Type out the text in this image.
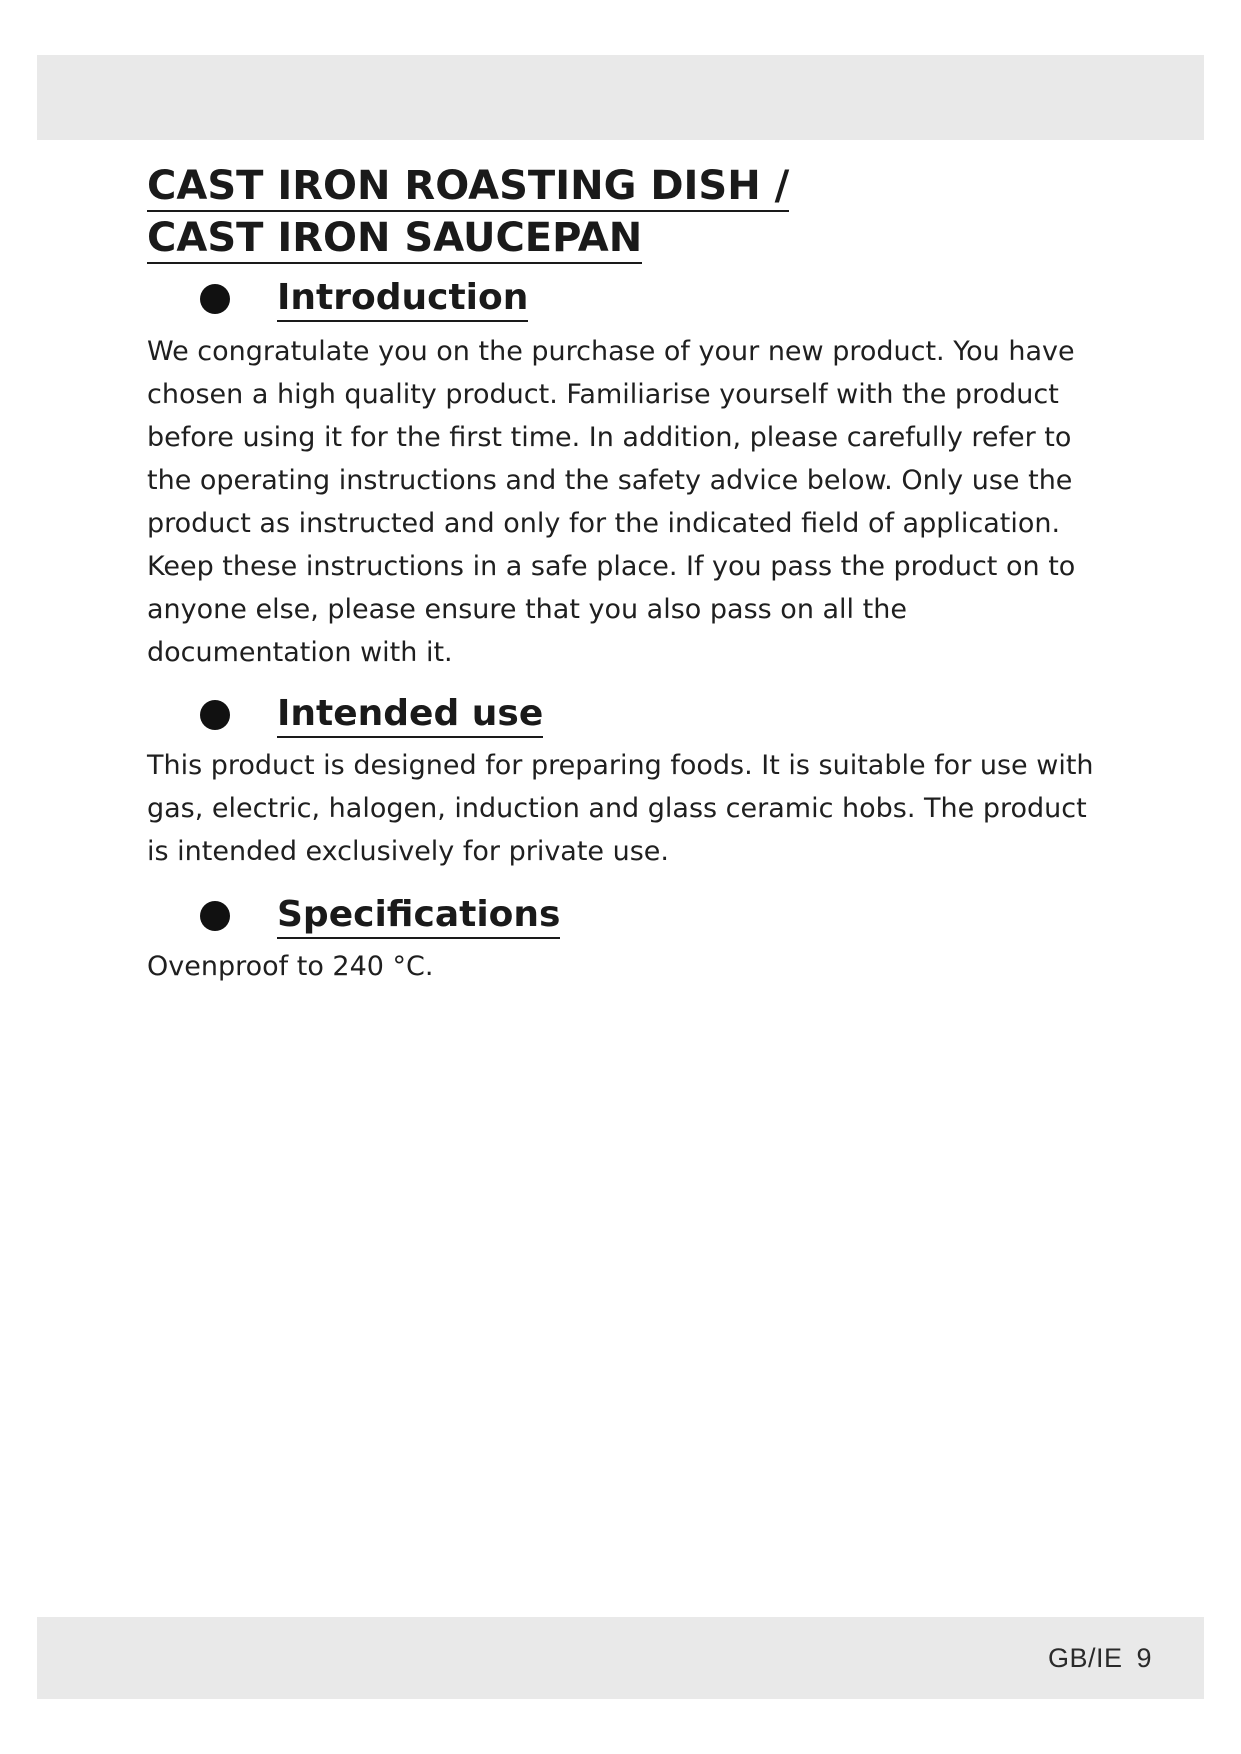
CAST IRON ROASTING DISH /
CAST IRON SAUCEPAN
Introduction

We congratulate you on the purchase of your new product. You have chosen a high quality product. Familiarise yourself with the product before using it for the first time. In addition, please carefully refer to the operating instructions and the safety advice below. Only use the product as instructed and only for the indicated field of application. Keep these instructions in a safe place. If you pass the product on to anyone else, please ensure that you also pass on all the documentation with it.

Intended use

This product is designed for preparing foods. It is suitable for use with gas, electric, halogen, induction and glass ceramic hobs. The product is intended exclusively for private use.

Specifications

Ovenproof to 240 °C.

GB/IE 9
